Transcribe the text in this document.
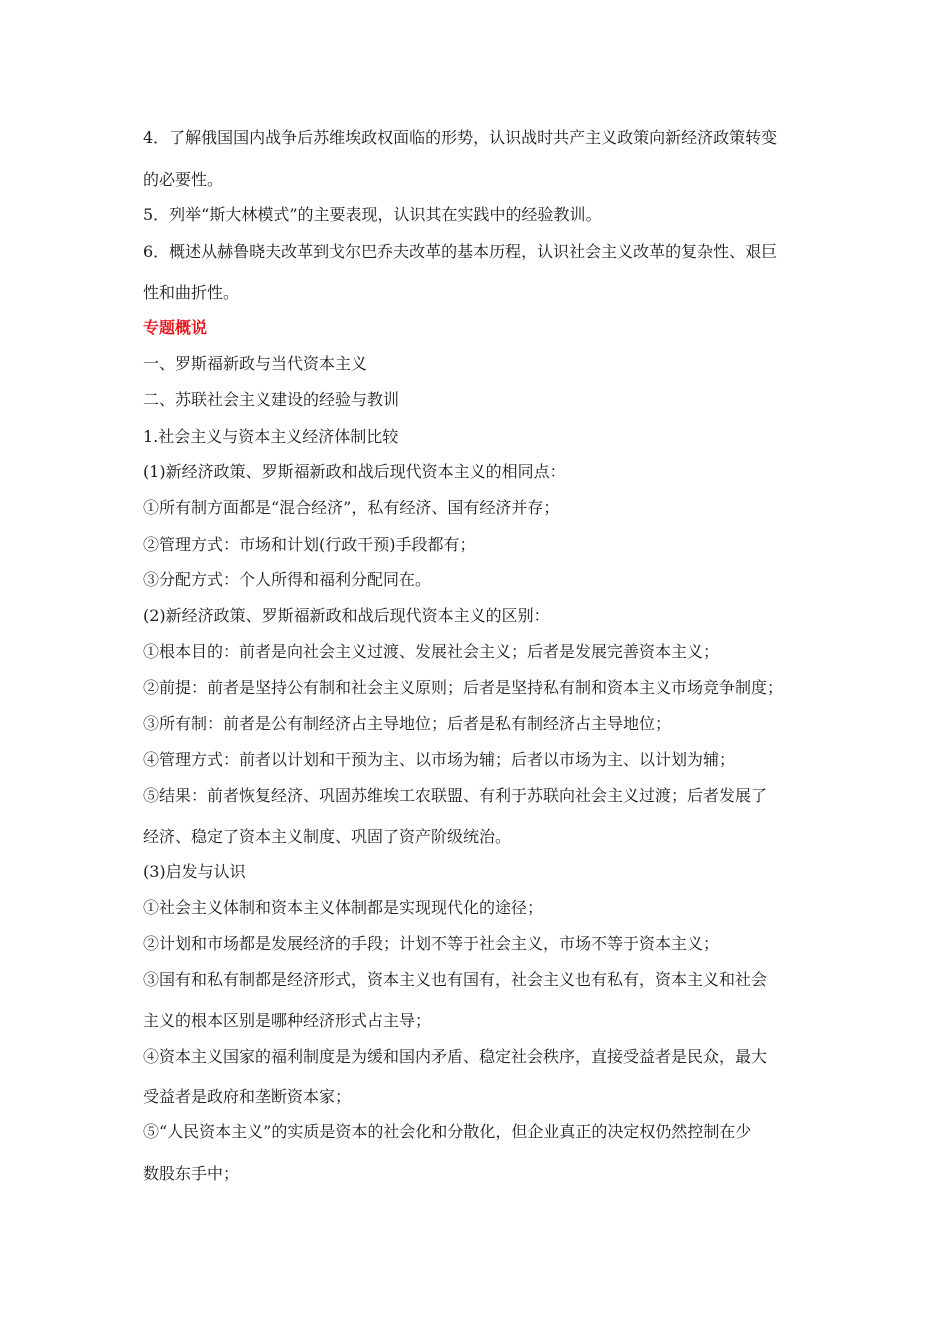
4．了解俄国国内战争后苏维埃政权面临的形势，认识战时共产主义政策向新经济政策转变
的必要性。
5．列举“斯大林模式”的主要表现，认识其在实践中的经验教训。
6．概述从赫鲁晓夫改革到戈尔巴乔夫改革的基本历程，认识社会主义改革的复杂性、艰巨
性和曲折性。
专题概说
一、罗斯福新政与当代资本主义
二、苏联社会主义建设的经验与教训
1.社会主义与资本主义经济体制比较
(1)新经济政策、罗斯福新政和战后现代资本主义的相同点：
①所有制方面都是“混合经济”，私有经济、国有经济并存；
②管理方式：市场和计划(行政干预)手段都有；
③分配方式：个人所得和福利分配同在。
(2)新经济政策、罗斯福新政和战后现代资本主义的区别：
①根本目的：前者是向社会主义过渡、发展社会主义；后者是发展完善资本主义；
②前提：前者是坚持公有制和社会主义原则；后者是坚持私有制和资本主义市场竞争制度；
③所有制：前者是公有制经济占主导地位；后者是私有制经济占主导地位；
④管理方式：前者以计划和干预为主、以市场为辅；后者以市场为主、以计划为辅；
⑤结果：前者恢复经济、巩固苏维埃工农联盟、有利于苏联向社会主义过渡；后者发展了
经济、稳定了资本主义制度、巩固了资产阶级统治。
(3)启发与认识
①社会主义体制和资本主义体制都是实现现代化的途径；
②计划和市场都是发展经济的手段；计划不等于社会主义，市场不等于资本主义；
③国有和私有制都是经济形式，资本主义也有国有，社会主义也有私有，资本主义和社会
主义的根本区别是哪种经济形式占主导；
④资本主义国家的福利制度是为缓和国内矛盾、稳定社会秩序，直接受益者是民众，最大
受益者是政府和垄断资本家；
⑤“人民资本主义”的实质是资本的社会化和分散化，但企业真正的决定权仍然控制在少
数股东手中；
